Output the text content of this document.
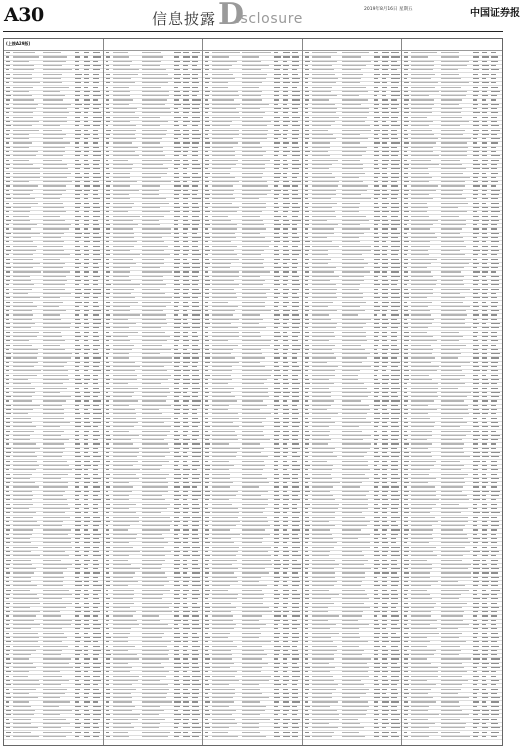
A30	信息披露 D
isclosure
2019年8月16日 星期五	中国证券报
(上接A29版)
